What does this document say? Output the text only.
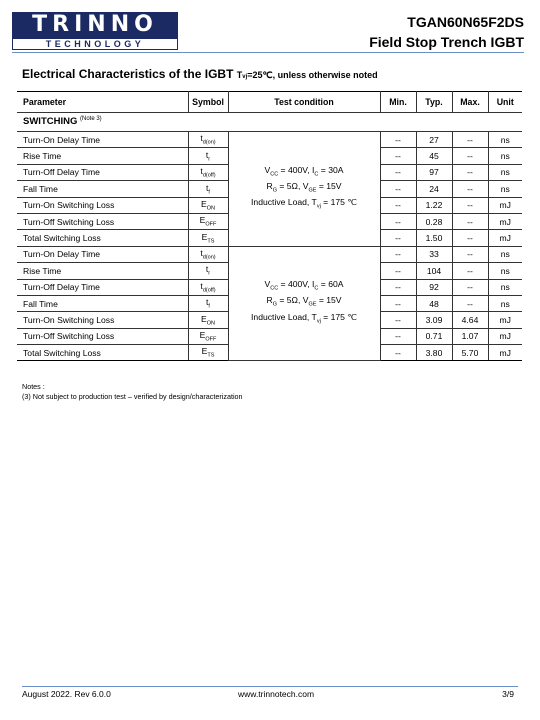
TRINNO
TECHNOLOGY
TGAN60N65F2DS
Field Stop Trench IGBT
Electrical Characteristics of the IGBT Tvj=25℃, unless otherwise noted
Parameter	Symbol	Test condition	Min.	Typ.	Max.	Unit
SWITCHING $^{(Note 3)}$
Turn-On Delay Time	$t_{d(on)}$	$V_{CC} = 400V$, $I_C = 30A$
$R_G = 5\Omega$, $V_{GE} = 15V$
Inductive Load, $T_{vj} = 175$ ℃	--	27	--	ns
Rise Time	$t_r$		--	45	--	ns
Turn-Off Delay Time	$t_{d(off)}$		--	97	--	ns
Fall Time	$t_f$		--	24	--	ns
Turn-On Switching Loss	$E_{ON}$		--	1.22	--	mJ
Turn-Off Switching Loss	$E_{OFF}$		--	0.28	--	mJ
Total Switching Loss	$E_{TS}$		--	1.50	--	mJ
Turn-On Delay Time	$t_{d(on)}$	$V_{CC} = 400V$, $I_C = 60A$
$R_G = 5\Omega$, $V_{GE} = 15V$
Inductive Load, $T_{vj} = 175$ ℃	--	33	--	ns
Rise Time	$t_r$		--	104	--	ns
Turn-Off Delay Time	$t_{d(off)}$		--	92	--	ns
Fall Time	$t_f$		--	48	--	ns
Turn-On Switching Loss	$E_{ON}$		--	3.09	4.64	mJ
Turn-Off Switching Loss	$E_{OFF}$		--	0.71	1.07	mJ
Total Switching Loss	$E_{TS}$		--	3.80	5.70	mJ
Notes :
(3) Not subject to production test – verified by design/characterization
August 2022. Rev 6.0.0	www.trinnotech.com	3/9
